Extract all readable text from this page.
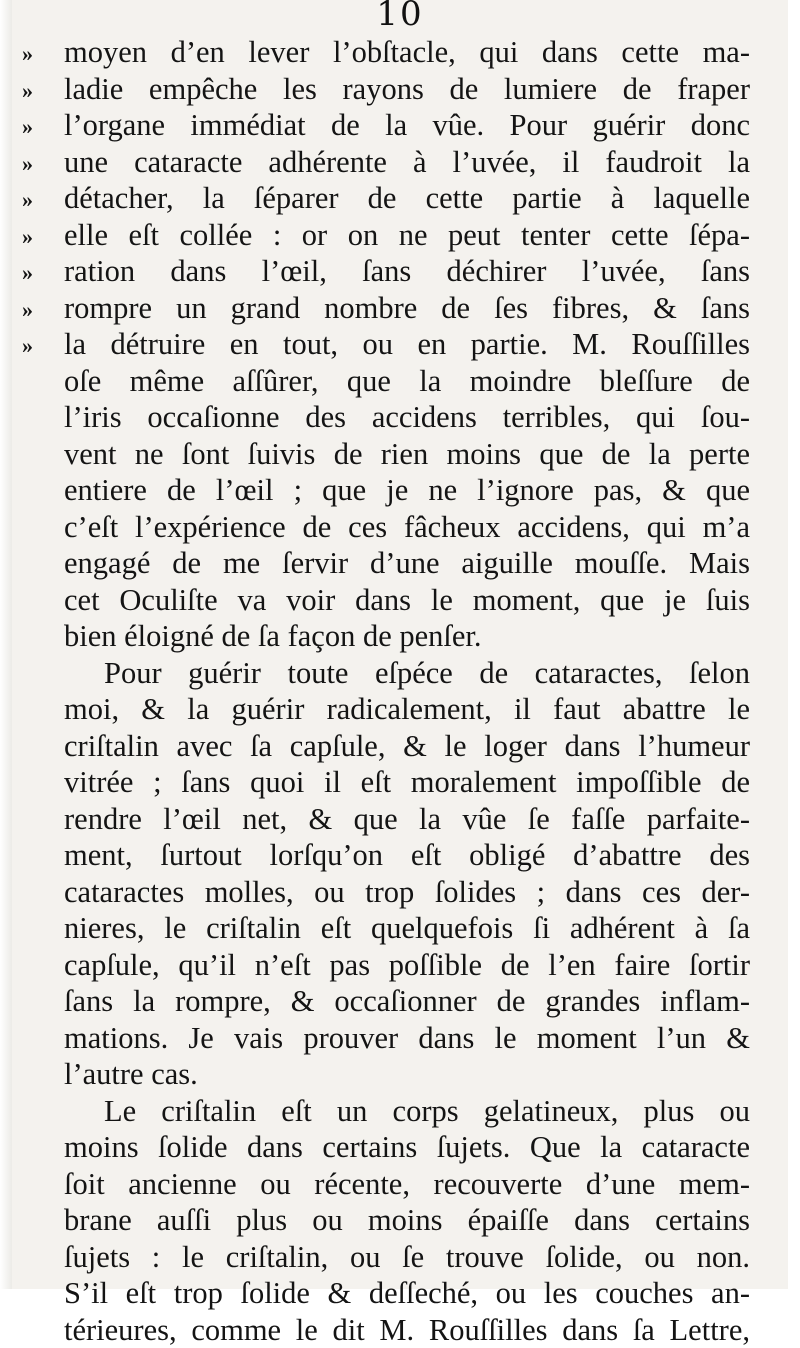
10
»	moyen d’en lever l’obſtacle, qui dans cette ma-
»	ladie empêche les rayons de lumiere de fraper
»	l’organe immédiat de la vûe. Pour guérir donc
»	une cataracte adhérente à l’uvée, il faudroit la
»	détacher, la ſéparer de cette partie à laquelle
»	elle eſt collée : or on ne peut tenter cette ſépa-
»	ration dans l’œil, ſans déchirer l’uvée, ſans
»	rompre un grand nombre de ſes fibres, & ſans
»	la détruire en tout, ou en partie. M. Rouſſilles
oſe même aſſûrer, que la moindre bleſſure de
l’iris occaſionne des accidens terribles, qui ſou-
vent ne ſont ſuivis de rien moins que de la perte
entiere de l’œil ; que je ne l’ignore pas, & que
c’eſt l’expérience de ces fâcheux accidens, qui m’a
engagé de me ſervir d’une aiguille mouſſe. Mais
cet Oculiſte va voir dans le moment, que je ſuis
bien éloigné de ſa façon de penſer.
Pour guérir toute eſpéce de cataractes, ſelon
moi, & la guérir radicalement, il faut abattre le
criſtalin avec ſa capſule, & le loger dans l’humeur
vitrée ; ſans quoi il eſt moralement impoſſible de
rendre l’œil net, & que la vûe ſe faſſe parfaite-
ment, ſurtout lorſqu’on eſt obligé d’abattre des
cataractes molles, ou trop ſolides ; dans ces der-
nieres, le criſtalin eſt quelquefois ſi adhérent à ſa
capſule, qu’il n’eſt pas poſſible de l’en faire ſortir
ſans la rompre, & occaſionner de grandes inflam-
mations. Je vais prouver dans le moment l’un &
l’autre cas.
Le criſtalin eſt un corps gelatineux, plus ou
moins ſolide dans certains ſujets. Que la cataracte
ſoit ancienne ou récente, recouverte d’une mem-
brane auſſi plus ou moins épaiſſe dans certains
ſujets : le criſtalin, ou ſe trouve ſolide, ou non.
S’il eſt trop ſolide & deſſeché, ou les couches an-
térieures, comme le dit M. Rouſſilles dans ſa Lettre,
